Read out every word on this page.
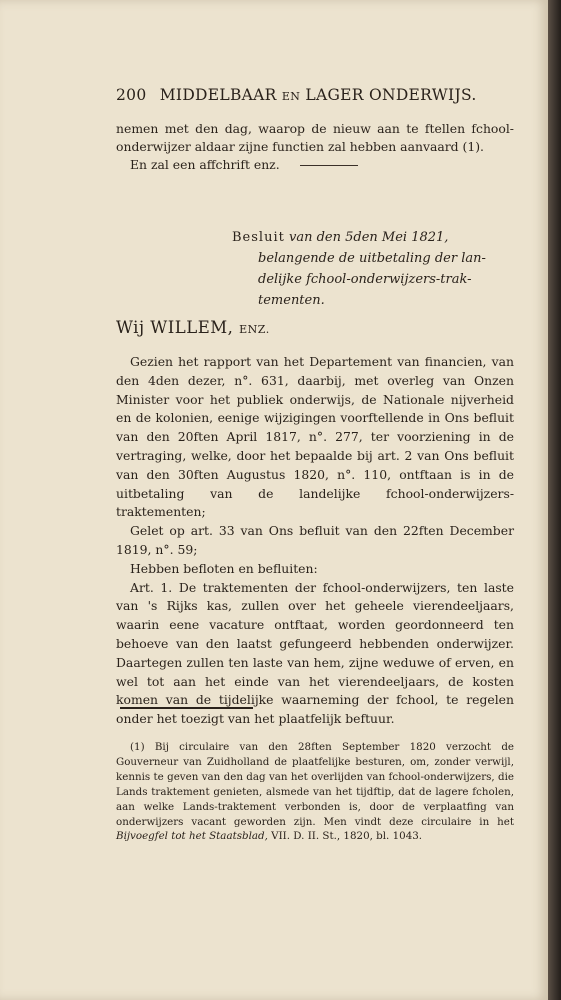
200 MIDDELBAAR EN LAGER ONDERWIJS.

nemen met den dag, waarop de nieuw aan te ftellen fchool-onderwijzer aldaar zijne functien zal hebben aanvaard (1).

En zal een affchrift enz.

Besluit van den 5den Mei 1821,
belangende de uitbetaling der lan-
delijke fchool-onderwijzers-trak-
tementen.
Wij WILLEM, ENZ.

Gezien het rapport van het Departement van financien, van den 4den dezer, n°. 631, daarbij, met overleg van Onzen Minister voor het publiek onderwijs, de Nationale nijverheid en de kolonien, eenige wijzigingen voorftellende in Ons befluit van den 20ften April 1817, n°. 277, ter voorziening in de vertraging, welke, door het bepaalde bij art. 2 van Ons befluit van den 30ften Augustus 1820, n°. 110, ontftaan is in de uitbetaling van de landelijke fchool-onderwijzers-traktementen;

Gelet op art. 33 van Ons befluit van den 22ften December 1819, n°. 59;

Hebben befloten en befluiten:

Art. 1. De traktementen der fchool-onderwijzers, ten laste van 's Rijks kas, zullen over het geheele vierendeeljaars, waarin eene vacature ontftaat, worden geordonneerd ten behoeve van den laatst gefungeerd hebbenden onderwijzer. Daartegen zullen ten laste van hem, zijne weduwe of erven, en wel tot aan het einde van het vierendeeljaars, de kosten komen van de tijdelijke waarneming der fchool, te regelen onder het toezigt van het plaatfelijk beftuur.

(1) Bij circulaire van den 28ften September 1820 verzocht de Gouverneur van Zuidholland de plaatfelijke besturen, om, zonder verwijl, kennis te geven van den dag van het overlijden van fchool-onderwijzers, die Lands traktement genieten, alsmede van het tijdftip, dat de lagere fcholen, aan welke Lands-traktement verbonden is, door de verplaatfing van onderwijzers vacant geworden zijn. Men vindt deze circulaire in het Bijvoegfel tot het Staatsblad, VII. D. II. St., 1820, bl. 1043.
